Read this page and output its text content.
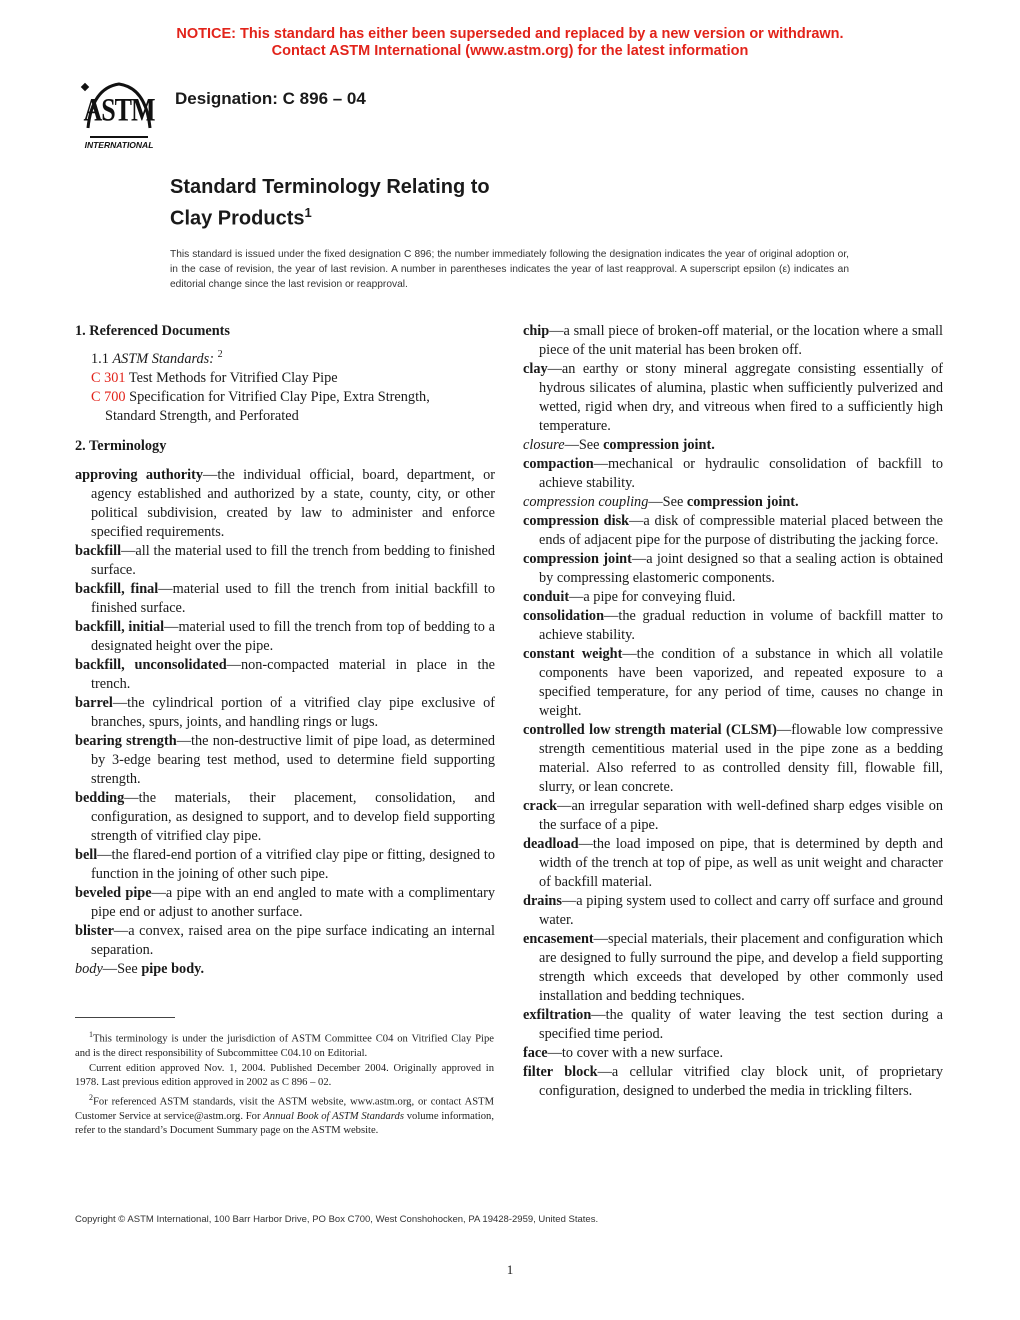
NOTICE: This standard has either been superseded and replaced by a new version or withdrawn.
Contact ASTM International (www.astm.org) for the latest information
ASTM
INTERNATIONAL
Designation: C 896 – 04
Standard Terminology Relating to
Clay Products$^1$
This standard is issued under the fixed designation C 896; the number immediately following the designation indicates the year of original adoption or, in the case of revision, the year of last revision. A number in parentheses indicates the year of last reapproval. A superscript epsilon (ε) indicates an editorial change since the last revision or reapproval.
1. Referenced Documents
1.1 ASTM Standards: $^2$
C 301 Test Methods for Vitrified Clay Pipe
C 700 Specification for Vitrified Clay Pipe, Extra Strength,
Standard Strength, and Perforated
2. Terminology

approving authority—the individual official, board, department, or agency established and authorized by a state, county, city, or other political subdivision, created by law to administer and enforce specified requirements.

backfill—all the material used to fill the trench from bedding to finished surface.

backfill, final—material used to fill the trench from initial backfill to finished surface.

backfill, initial—material used to fill the trench from top of bedding to a designated height over the pipe.

backfill, unconsolidated—non-compacted material in place in the trench.

barrel—the cylindrical portion of a vitrified clay pipe exclusive of branches, spurs, joints, and handling rings or lugs.

bearing strength—the non-destructive limit of pipe load, as determined by 3-edge bearing test method, used to determine field supporting strength.

bedding—the materials, their placement, consolidation, and configuration, as designed to support, and to develop field supporting strength of vitrified clay pipe.

bell—the flared-end portion of a vitrified clay pipe or fitting, designed to function in the joining of other such pipe.

beveled pipe—a pipe with an end angled to mate with a complimentary pipe end or adjust to another surface.

blister—a convex, raised area on the pipe surface indicating an internal separation.

body—See pipe body.

chip—a small piece of broken-off material, or the location where a small piece of the unit material has been broken off.

clay—an earthy or stony mineral aggregate consisting essentially of hydrous silicates of alumina, plastic when sufficiently pulverized and wetted, rigid when dry, and vitreous when fired to a sufficiently high temperature.

closure—See compression joint.

compaction—mechanical or hydraulic consolidation of backfill to achieve stability.

compression coupling—See compression joint.

compression disk—a disk of compressible material placed between the ends of adjacent pipe for the purpose of distributing the jacking force.

compression joint—a joint designed so that a sealing action is obtained by compressing elastomeric components.

conduit—a pipe for conveying fluid.

consolidation—the gradual reduction in volume of backfill matter to achieve stability.

constant weight—the condition of a substance in which all volatile components have been vaporized, and repeated exposure to a specified temperature, for any period of time, causes no change in weight.

controlled low strength material (CLSM)—flowable low compressive strength cementitious material used in the pipe zone as a bedding material. Also referred to as controlled density fill, flowable fill, slurry, or lean concrete.

crack—an irregular separation with well-defined sharp edges visible on the surface of a pipe.

deadload—the load imposed on pipe, that is determined by depth and width of the trench at top of pipe, as well as unit weight and character of backfill material.

drains—a piping system used to collect and carry off surface and ground water.

encasement—special materials, their placement and configuration which are designed to fully surround the pipe, and develop a field supporting strength which exceeds that developed by other commonly used installation and bedding techniques.

exfiltration—the quality of water leaving the test section during a specified time period.

face—to cover with a new surface.

filter block—a cellular vitrified clay block unit, of proprietary configuration, designed to underbed the media in trickling filters.

$^1$This terminology is under the jurisdiction of ASTM Committee C04 on Vitrified Clay Pipe and is the direct responsibility of Subcommittee C04.10 on Editorial.

Current edition approved Nov. 1, 2004. Published December 2004. Originally approved in 1978. Last previous edition approved in 2002 as C 896 – 02.

$^2$For referenced ASTM standards, visit the ASTM website, www.astm.org, or contact ASTM Customer Service at service@astm.org. For Annual Book of ASTM Standards volume information, refer to the standard’s Document Summary page on the ASTM website.

Copyright © ASTM International, 100 Barr Harbor Drive, PO Box C700, West Conshohocken, PA 19428-2959, United States.
1
